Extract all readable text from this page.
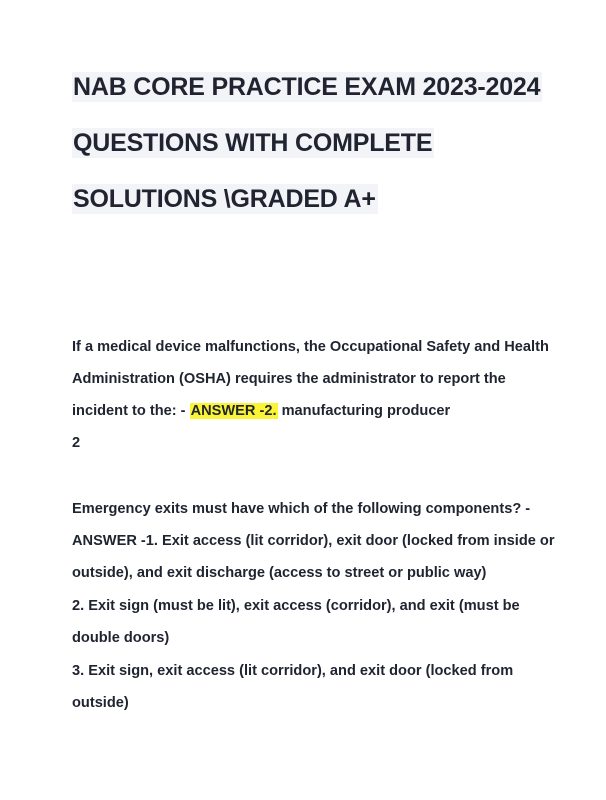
NAB CORE PRACTICE EXAM 2023-2024
QUESTIONS WITH COMPLETE
SOLUTIONS \GRADED A+
If a medical device malfunctions, the Occupational Safety and Health
Administration (OSHA) requires the administrator to report the
incident to the: - ANSWER -2. manufacturing producer
2
Emergency exits must have which of the following components? -
ANSWER -1. Exit access (lit corridor), exit door (locked from inside or
outside), and exit discharge (access to street or public way)
2. Exit sign (must be lit), exit access (corridor), and exit (must be
double doors)
3. Exit sign, exit access (lit corridor), and exit door (locked from
outside)
